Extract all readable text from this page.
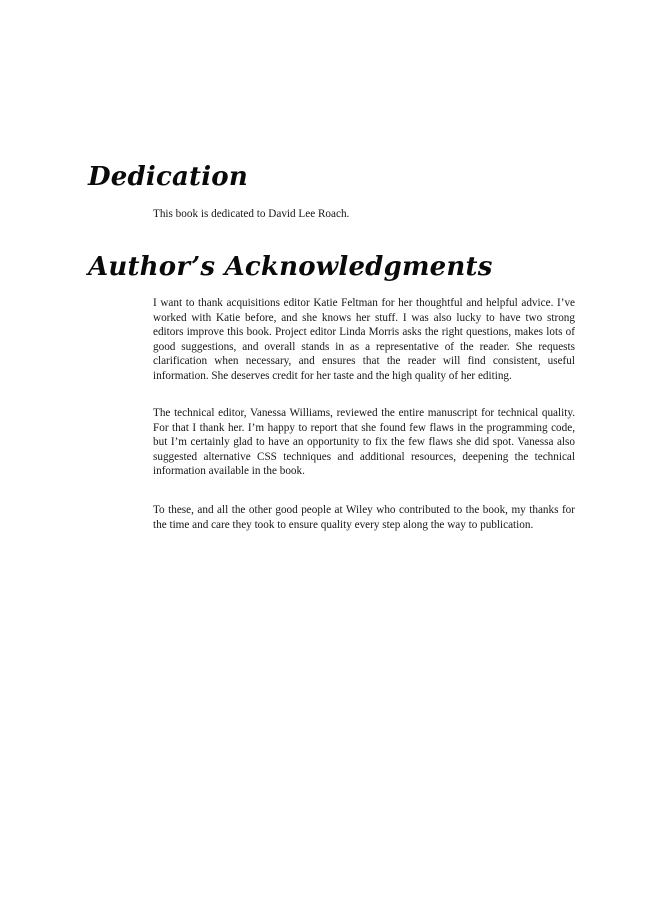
Dedication

This book is dedicated to David Lee Roach.

Author’s Acknowledgments

I want to thank acquisitions editor Katie Feltman for her thoughtful and helpful advice. I’ve worked with Katie before, and she knows her stuff. I was also lucky to have two strong editors improve this book. Project editor Linda Morris asks the right questions, makes lots of good suggestions, and overall stands in as a representative of the reader. She requests clarification when necessary, and ensures that the reader will find consistent, useful information. She deserves credit for her taste and the high quality of her editing.

The technical editor, Vanessa Williams, reviewed the entire manuscript for technical quality. For that I thank her. I’m happy to report that she found few flaws in the programming code, but I’m certainly glad to have an opportunity to fix the few flaws she did spot. Vanessa also suggested alternative CSS techniques and additional resources, deepening the technical information available in the book.

To these, and all the other good people at Wiley who contributed to the book, my thanks for the time and care they took to ensure quality every step along the way to publication.
